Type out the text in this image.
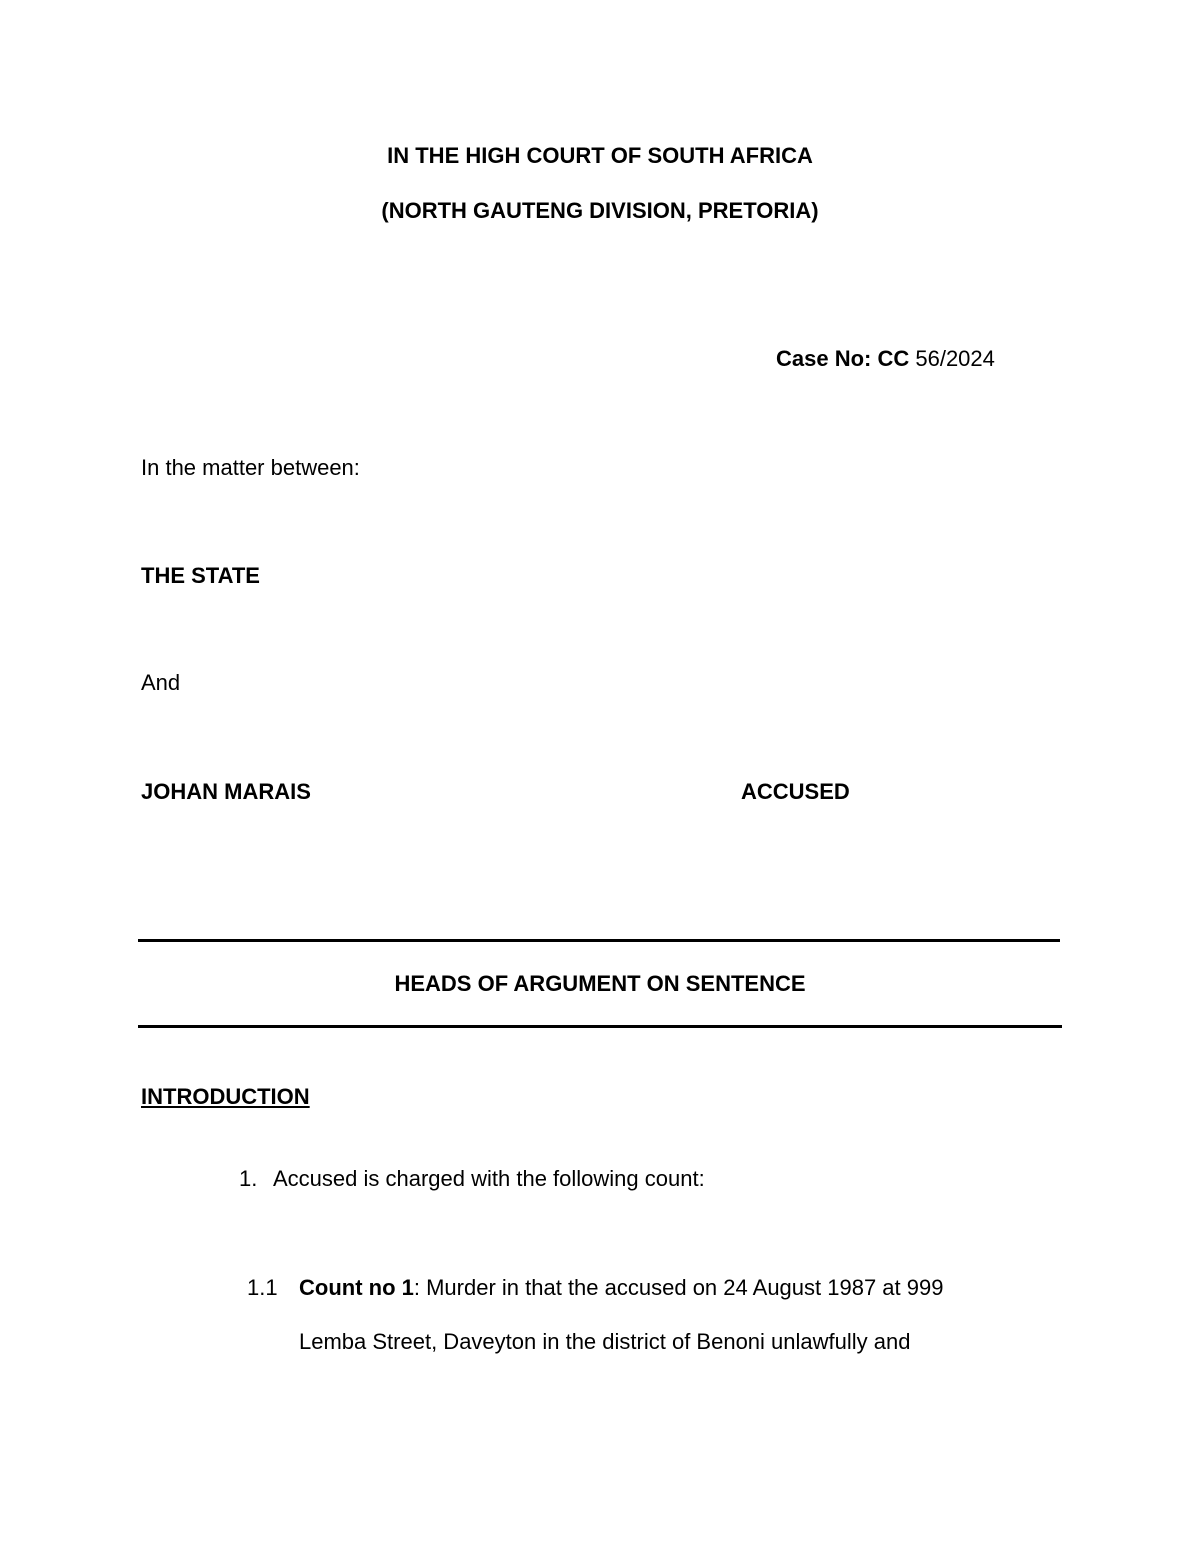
IN THE HIGH COURT OF SOUTH AFRICA
(NORTH GAUTENG DIVISION, PRETORIA)
Case No: CC 56/2024
In the matter between:
THE STATE
And
JOHAN MARAIS	ACCUSED
HEADS OF ARGUMENT ON SENTENCE
INTRODUCTION
1. Accused is charged with the following count:
1.1 Count no 1: Murder in that the accused on 24 August 1987 at 999
Lemba Street, Daveyton in the district of Benoni unlawfully and
